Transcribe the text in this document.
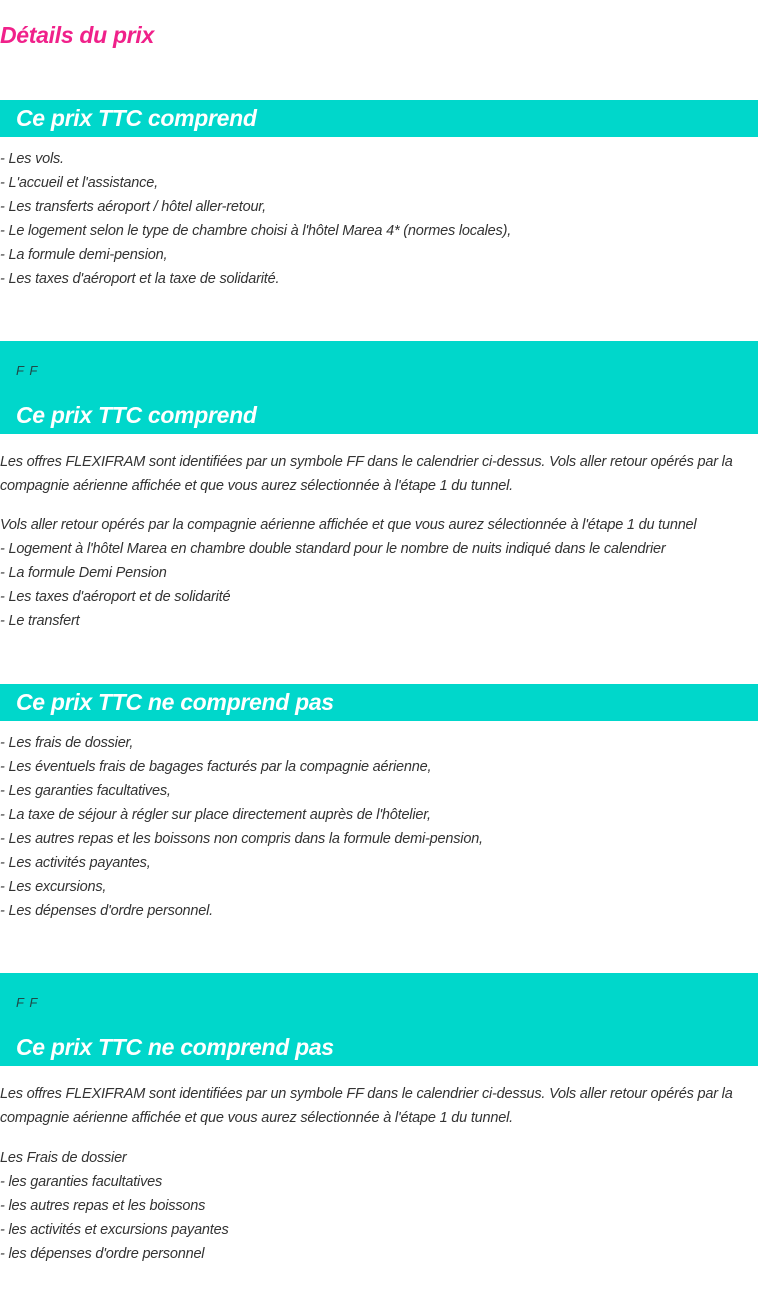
Détails du prix
Ce prix TTC comprend
- Les vols.
- L'accueil et l'assistance,
- Les transferts aéroport / hôtel aller-retour,
- Le logement selon le type de chambre choisi à l'hôtel Marea 4* (normes locales),
- La formule demi-pension,
- Les taxes d'aéroport et la taxe de solidarité.
F F
Ce prix TTC comprend

Les offres FLEXIFRAM sont identifiées par un symbole FF dans le calendrier ci-dessus. Vols aller retour opérés par la compagnie aérienne affichée et que vous aurez sélectionnée à l'étape 1 du tunnel.

Vols aller retour opérés par la compagnie aérienne affichée et que vous aurez sélectionnée à l'étape 1 du tunnel
- Logement à l'hôtel Marea en chambre double standard pour le nombre de nuits indiqué dans le calendrier
- La formule Demi Pension
- Les taxes d'aéroport et de solidarité
- Le transfert
Ce prix TTC ne comprend pas
- Les frais de dossier,
- Les éventuels frais de bagages facturés par la compagnie aérienne,
- Les garanties facultatives,
- La taxe de séjour à régler sur place directement auprès de l'hôtelier,
- Les autres repas et les boissons non compris dans la formule demi-pension,
- Les activités payantes,
- Les excursions,
- Les dépenses d'ordre personnel.
F F
Ce prix TTC ne comprend pas

Les offres FLEXIFRAM sont identifiées par un symbole FF dans le calendrier ci-dessus. Vols aller retour opérés par la compagnie aérienne affichée et que vous aurez sélectionnée à l'étape 1 du tunnel.

Les Frais de dossier
- les garanties facultatives
- les autres repas et les boissons
- les activités et excursions payantes
- les dépenses d'ordre personnel
